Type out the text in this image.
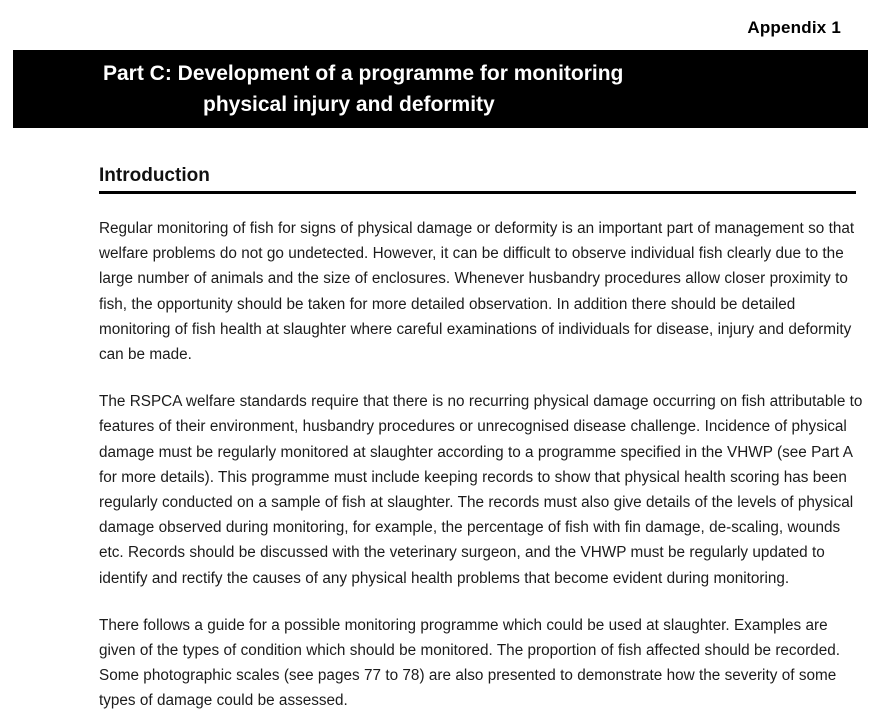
Appendix 1
Part C: Development of a programme for monitoring
physical injury and deformity
Introduction

Regular monitoring of fish for signs of physical damage or deformity is an important part of management so that welfare problems do not go undetected. However, it can be difficult to observe individual fish clearly due to the large number of animals and the size of enclosures. Whenever husbandry procedures allow closer proximity to fish, the opportunity should be taken for more detailed observation. In addition there should be detailed monitoring of fish health at slaughter where careful examinations of individuals for disease, injury and deformity can be made.

The RSPCA welfare standards require that there is no recurring physical damage occurring on fish attributable to features of their environment, husbandry procedures or unrecognised disease challenge. Incidence of physical damage must be regularly monitored at slaughter according to a programme specified in the VHWP (see Part A for more details). This programme must include keeping records to show that physical health scoring has been regularly conducted on a sample of fish at slaughter. The records must also give details of the levels of physical damage observed during monitoring, for example, the percentage of fish with fin damage, de-scaling, wounds etc. Records should be discussed with the veterinary surgeon, and the VHWP must be regularly updated to identify and rectify the causes of any physical health problems that become evident during monitoring.

There follows a guide for a possible monitoring programme which could be used at slaughter. Examples are given of the types of condition which should be monitored. The proportion of fish affected should be recorded. Some photographic scales (see pages 77 to 78) are also presented to demonstrate how the severity of some types of damage could be assessed.
